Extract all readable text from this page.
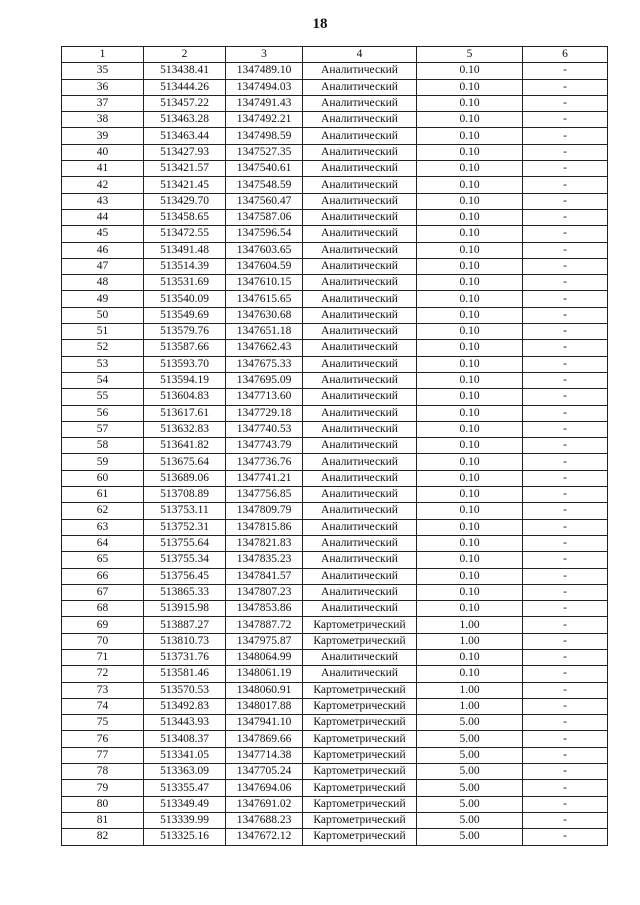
18
1	2	3	4	5	6
35	513438.41	1347489.10	Аналитический	0.10	-
36	513444.26	1347494.03	Аналитический	0.10	-
37	513457.22	1347491.43	Аналитический	0.10	-
38	513463.28	1347492.21	Аналитический	0.10	-
39	513463.44	1347498.59	Аналитический	0.10	-
40	513427.93	1347527.35	Аналитический	0.10	-
41	513421.57	1347540.61	Аналитический	0.10	-
42	513421.45	1347548.59	Аналитический	0.10	-
43	513429.70	1347560.47	Аналитический	0.10	-
44	513458.65	1347587.06	Аналитический	0.10	-
45	513472.55	1347596.54	Аналитический	0.10	-
46	513491.48	1347603.65	Аналитический	0.10	-
47	513514.39	1347604.59	Аналитический	0.10	-
48	513531.69	1347610.15	Аналитический	0.10	-
49	513540.09	1347615.65	Аналитический	0.10	-
50	513549.69	1347630.68	Аналитический	0.10	-
51	513579.76	1347651.18	Аналитический	0.10	-
52	513587.66	1347662.43	Аналитический	0.10	-
53	513593.70	1347675.33	Аналитический	0.10	-
54	513594.19	1347695.09	Аналитический	0.10	-
55	513604.83	1347713.60	Аналитический	0.10	-
56	513617.61	1347729.18	Аналитический	0.10	-
57	513632.83	1347740.53	Аналитический	0.10	-
58	513641.82	1347743.79	Аналитический	0.10	-
59	513675.64	1347736.76	Аналитический	0.10	-
60	513689.06	1347741.21	Аналитический	0.10	-
61	513708.89	1347756.85	Аналитический	0.10	-
62	513753.11	1347809.79	Аналитический	0.10	-
63	513752.31	1347815.86	Аналитический	0.10	-
64	513755.64	1347821.83	Аналитический	0.10	-
65	513755.34	1347835.23	Аналитический	0.10	-
66	513756.45	1347841.57	Аналитический	0.10	-
67	513865.33	1347807.23	Аналитический	0.10	-
68	513915.98	1347853.86	Аналитический	0.10	-
69	513887.27	1347887.72	Картометрический	1.00	-
70	513810.73	1347975.87	Картометрический	1.00	-
71	513731.76	1348064.99	Аналитический	0.10	-
72	513581.46	1348061.19	Аналитический	0.10	-
73	513570.53	1348060.91	Картометрический	1.00	-
74	513492.83	1348017.88	Картометрический	1.00	-
75	513443.93	1347941.10	Картометрический	5.00	-
76	513408.37	1347869.66	Картометрический	5.00	-
77	513341.05	1347714.38	Картометрический	5.00	-
78	513363.09	1347705.24	Картометрический	5.00	-
79	513355.47	1347694.06	Картометрический	5.00	-
80	513349.49	1347691.02	Картометрический	5.00	-
81	513339.99	1347688.23	Картометрический	5.00	-
82	513325.16	1347672.12	Картометрический	5.00	-
